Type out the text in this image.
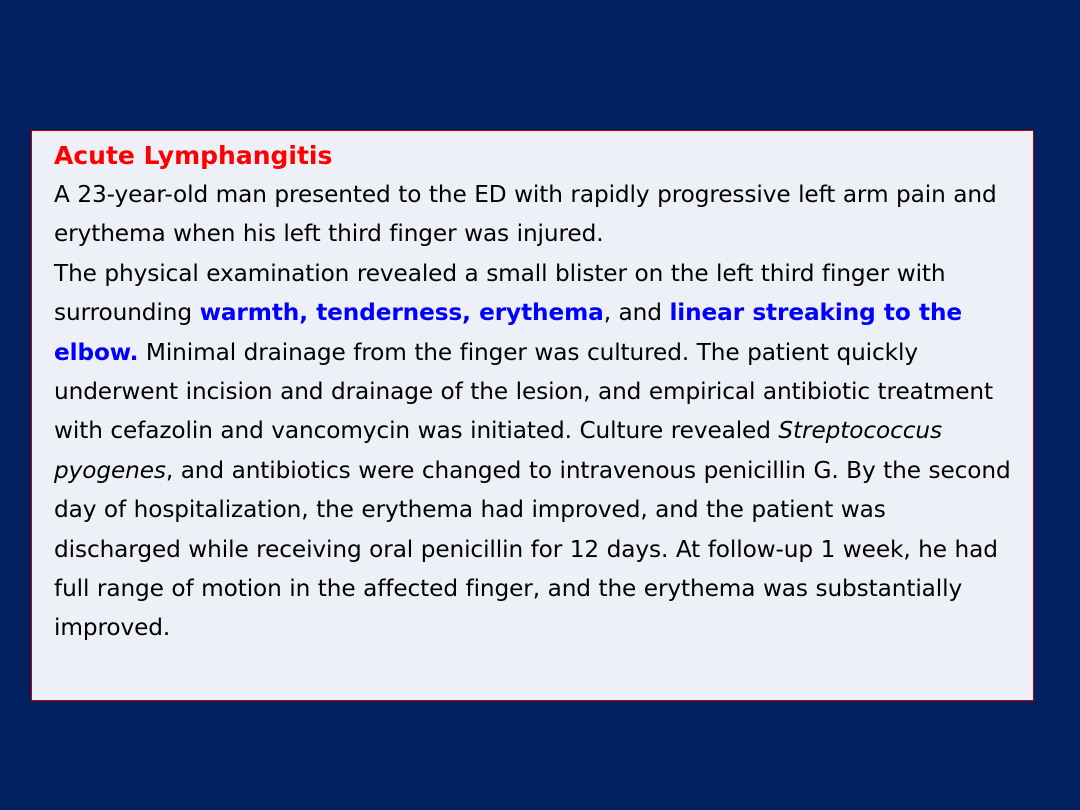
Acute Lymphangitis

A 23-year-old man presented to the ED with rapidly progressive left arm pain and erythema when his left third finger was injured.

The physical examination revealed a small blister on the left third finger with surrounding warmth, tenderness, erythema, and linear streaking to the elbow. Minimal drainage from the finger was cultured. The patient quickly underwent incision and drainage of the lesion, and empirical antibiotic treatment with cefazolin and vancomycin was initiated. Culture revealed Streptococcus pyogenes, and antibiotics were changed to intravenous penicillin G. By the second day of hospitalization, the erythema had improved, and the patient was discharged while receiving oral penicillin for 12 days. At follow-up 1 week, he had full range of motion in the affected finger, and the erythema was substantially improved.
